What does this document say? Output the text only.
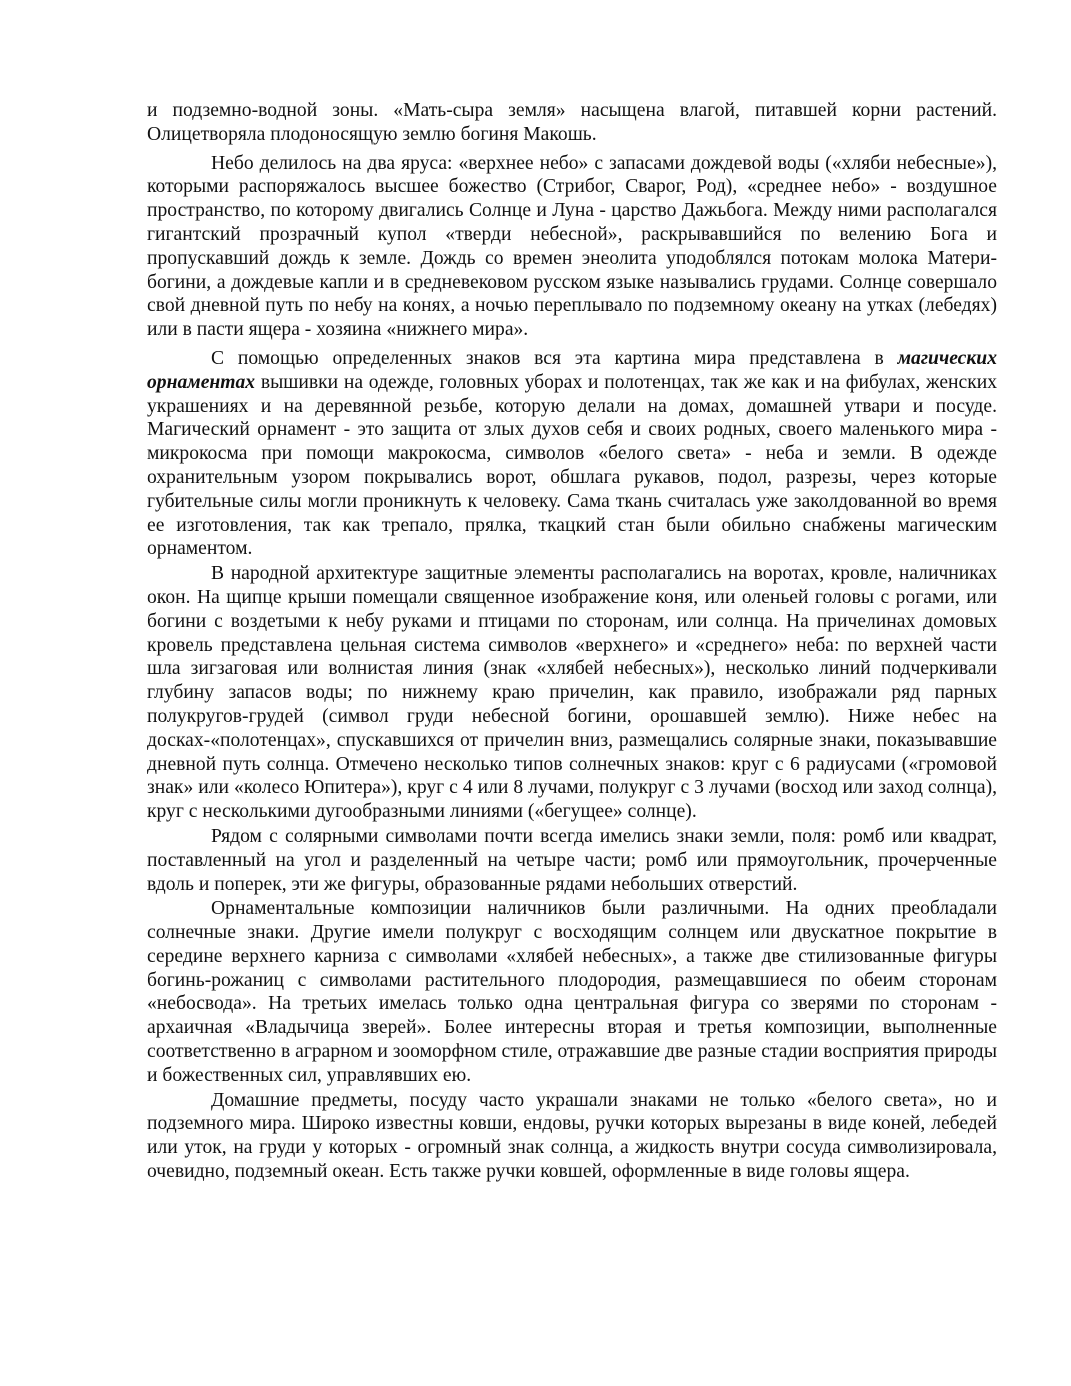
и подземно-водной зоны. «Мать-сыра земля» насыщена влагой, питавшей корни растений. Олицетворяла плодоносящую землю богиня Макошь.

Небо делилось на два яруса: «верхнее небо» с запасами дождевой воды («хляби небесные»), которыми распоряжалось высшее божество (Стрибог, Сварог, Род), «среднее небо» - воздушное пространство, по которому двигались Солнце и Луна - царство Дажьбога. Между ними располагался гигантский прозрачный купол «тверди небесной», раскрывавшийся по велению Бога и пропускавший дождь к земле. Дождь со времен энеолита уподоблялся потокам молока Матери-богини, а дождевые капли и в средневековом русском языке назывались грудами. Солнце совершало свой дневной путь по небу на конях, а ночью переплывало по подземному океану на утках (лебедях) или в пасти ящера - хозяина «нижнего мира».

С помощью определенных знаков вся эта картина мира представлена в магических орнаментах вышивки на одежде, головных уборах и полотенцах, так же как и на фибулах, женских украшениях и на деревянной резьбе, которую делали на домах, домашней утвари и посуде. Магический орнамент - это защита от злых духов себя и своих родных, своего маленького мира - микрокосма при помощи макрокосма, символов «белого света» - неба и земли. В одежде охранительным узором покрывались ворот, обшлага рукавов, подол, разрезы, через которые губительные силы могли проникнуть к человеку. Сама ткань считалась уже заколдованной во время ее изготовления, так как трепало, прялка, ткацкий стан были обильно снабжены магическим орнаментом.

В народной архитектуре защитные элементы располагались на воротах, кровле, наличниках окон. На щипце крыши помещали священное изображение коня, или оленьей головы с рогами, или богини с воздетыми к небу руками и птицами по сторонам, или солнца. На причелинах домовых кровель представлена цельная система символов «верхнего» и «среднего» неба: по верхней части шла зигзаговая или волнистая линия (знак «хлябей небесных»), несколько линий подчеркивали глубину запасов воды; по нижнему краю причелин, как правило, изображали ряд парных полукругов-грудей (символ груди небесной богини, орошавшей землю). Ниже небес на досках-«полотенцах», спускавшихся от причелин вниз, размещались солярные знаки, показывавшие дневной путь солнца. Отмечено несколько типов солнечных знаков: круг с 6 радиусами («громовой знак» или «колесо Юпитера»), круг с 4 или 8 лучами, полукруг с 3 лучами (восход или заход солнца), круг с несколькими дугообразными линиями («бегущее» солнце).

Рядом с солярными символами почти всегда имелись знаки земли, поля: ромб или квадрат, поставленный на угол и разделенный на четыре части; ромб или прямоугольник, прочерченные вдоль и поперек, эти же фигуры, образованные рядами небольших отверстий.

Орнаментальные композиции наличников были различными. На одних преобладали солнечные знаки. Другие имели полукруг с восходящим солнцем или двускатное покрытие в середине верхнего карниза с символами «хлябей небесных», а также две стилизованные фигуры богинь-рожаниц с символами растительного плодородия, размещавшиеся по обеим сторонам «небосвода». На третьих имелась только одна центральная фигура со зверями по сторонам - архаичная «Владычица зверей». Более интересны вторая и третья композиции, выполненные соответственно в аграрном и зооморфном стиле, отражавшие две разные стадии восприятия природы и божественных сил, управлявших ею.

Домашние предметы, посуду часто украшали знаками не только «белого света», но и подземного мира. Широко известны ковши, ендовы, ручки которых вырезаны в виде коней, лебедей или уток, на груди у которых - огромный знак солнца, а жидкость внутри сосуда символизировала, очевидно, подземный океан. Есть также ручки ковшей, оформленные в виде головы ящера.
